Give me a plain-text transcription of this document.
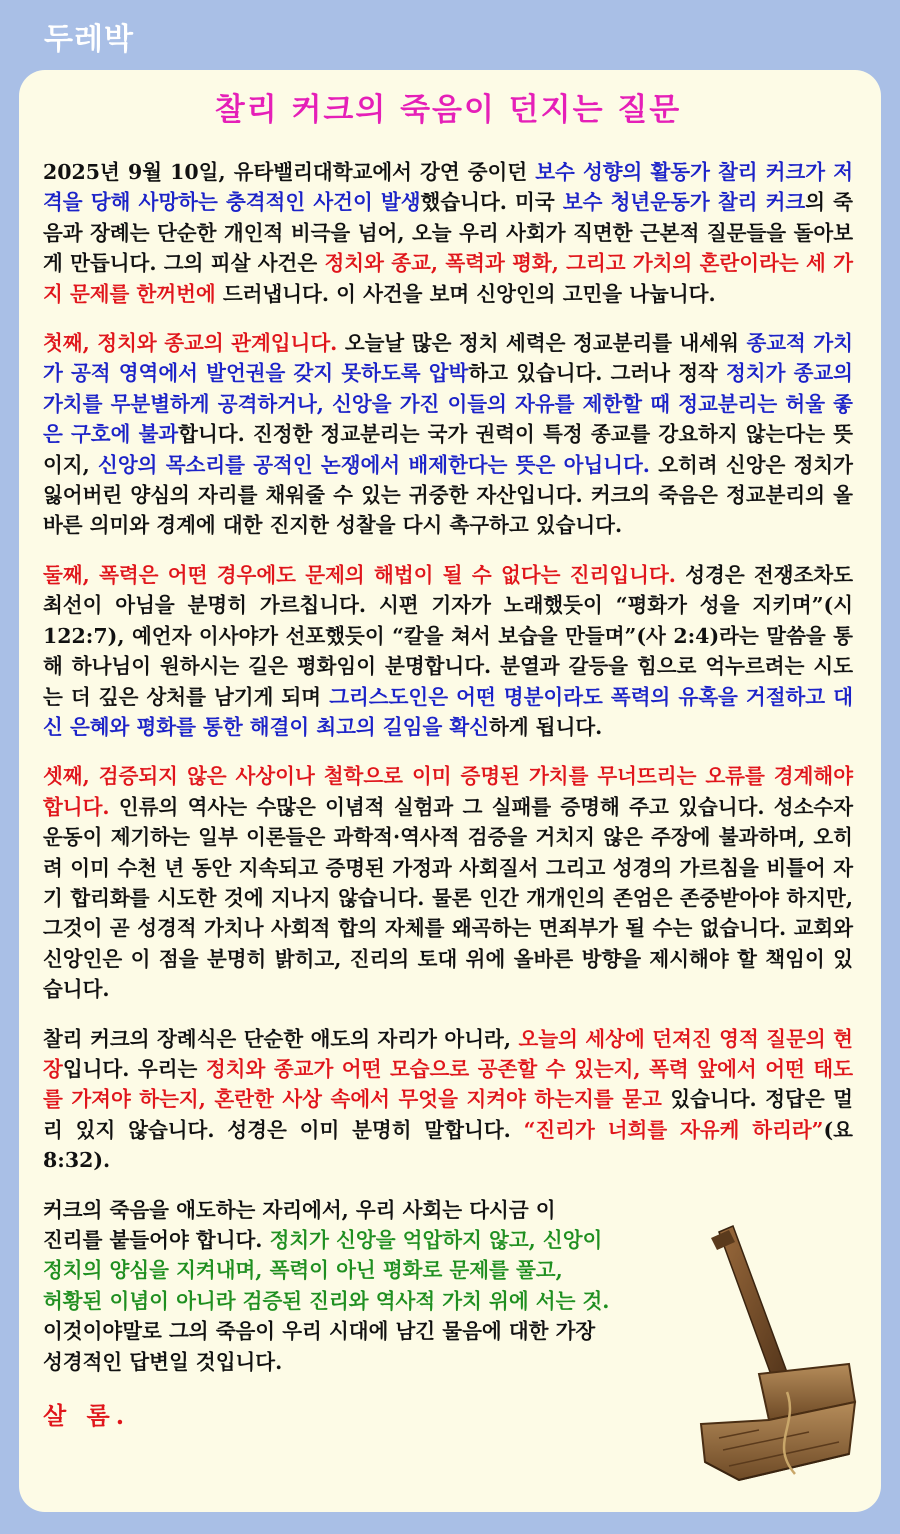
두레박
찰리 커크의 죽음이 던지는 질문
2025년 9월 10일, 유타밸리대학교에서 강연 중이던 보수 성향의 활동가 찰리 커크가 저격을 당해 사망하는 충격적인 사건이 발생했습니다. 미국 보수 청년운동가 찰리 커크의 죽음과 장례는 단순한 개인적 비극을 넘어, 오늘 우리 사회가 직면한 근본적 질문들을 돌아보게 만듭니다. 그의 피살 사건은 정치와 종교, 폭력과 평화, 그리고 가치의 혼란이라는 세 가지 문제를 한꺼번에 드러냅니다. 이 사건을 보며 신앙인의 고민을 나눕니다.
첫째, 정치와 종교의 관계입니다. 오늘날 많은 정치 세력은 정교분리를 내세워 종교적 가치가 공적 영역에서 발언권을 갖지 못하도록 압박하고 있습니다. 그러나 정작 정치가 종교의 가치를 무분별하게 공격하거나, 신앙을 가진 이들의 자유를 제한할 때 정교분리는 허울 좋은 구호에 불과합니다. 진정한 정교분리는 국가 권력이 특정 종교를 강요하지 않는다는 뜻이지, 신앙의 목소리를 공적인 논쟁에서 배제한다는 뜻은 아닙니다. 오히려 신앙은 정치가 잃어버린 양심의 자리를 채워줄 수 있는 귀중한 자산입니다. 커크의 죽음은 정교분리의 올바른 의미와 경계에 대한 진지한 성찰을 다시 촉구하고 있습니다.
둘째, 폭력은 어떤 경우에도 문제의 해법이 될 수 없다는 진리입니다. 성경은 전쟁조차도 최선이 아님을 분명히 가르칩니다. 시편 기자가 노래했듯이 “평화가 성을 지키며”(시 122:7), 예언자 이사야가 선포했듯이 “칼을 쳐서 보습을 만들며”(사 2:4)라는 말씀을 통해 하나님이 원하시는 길은 평화임이 분명합니다. 분열과 갈등을 힘으로 억누르려는 시도는 더 깊은 상처를 남기게 되며 그리스도인은 어떤 명분이라도 폭력의 유혹을 거절하고 대신 은혜와 평화를 통한 해결이 최고의 길임을 확신하게 됩니다.
셋째, 검증되지 않은 사상이나 철학으로 이미 증명된 가치를 무너뜨리는 오류를 경계해야 합니다. 인류의 역사는 수많은 이념적 실험과 그 실패를 증명해 주고 있습니다. 성소수자 운동이 제기하는 일부 이론들은 과학적·역사적 검증을 거치지 않은 주장에 불과하며, 오히려 이미 수천 년 동안 지속되고 증명된 가정과 사회질서 그리고 성경의 가르침을 비틀어 자기 합리화를 시도한 것에 지나지 않습니다. 물론 인간 개개인의 존엄은 존중받아야 하지만, 그것이 곧 성경적 가치나 사회적 합의 자체를 왜곡하는 면죄부가 될 수는 없습니다. 교회와 신앙인은 이 점을 분명히 밝히고, 진리의 토대 위에 올바른 방향을 제시해야 할 책임이 있습니다.
찰리 커크의 장례식은 단순한 애도의 자리가 아니라, 오늘의 세상에 던져진 영적 질문의 현장입니다. 우리는 정치와 종교가 어떤 모습으로 공존할 수 있는지, 폭력 앞에서 어떤 태도를 가져야 하는지, 혼란한 사상 속에서 무엇을 지켜야 하는지를 묻고 있습니다. 정답은 멀리 있지 않습니다. 성경은 이미 분명히 말합니다. “진리가 너희를 자유케 하리라”(요 8:32).
커크의 죽음을 애도하는 자리에서, 우리 사회는 다시금 이
진리를 붙들어야 합니다. 정치가 신앙을 억압하지 않고, 신앙이
정치의 양심을 지켜내며, 폭력이 아닌 평화로 문제를 풀고,
허황된 이념이 아니라 검증된 진리와 역사적 가치 위에 서는 것.
이것이야말로 그의 죽음이 우리 시대에 남긴 물음에 대한 가장
성경적인 답변일 것입니다.
살 롬.
